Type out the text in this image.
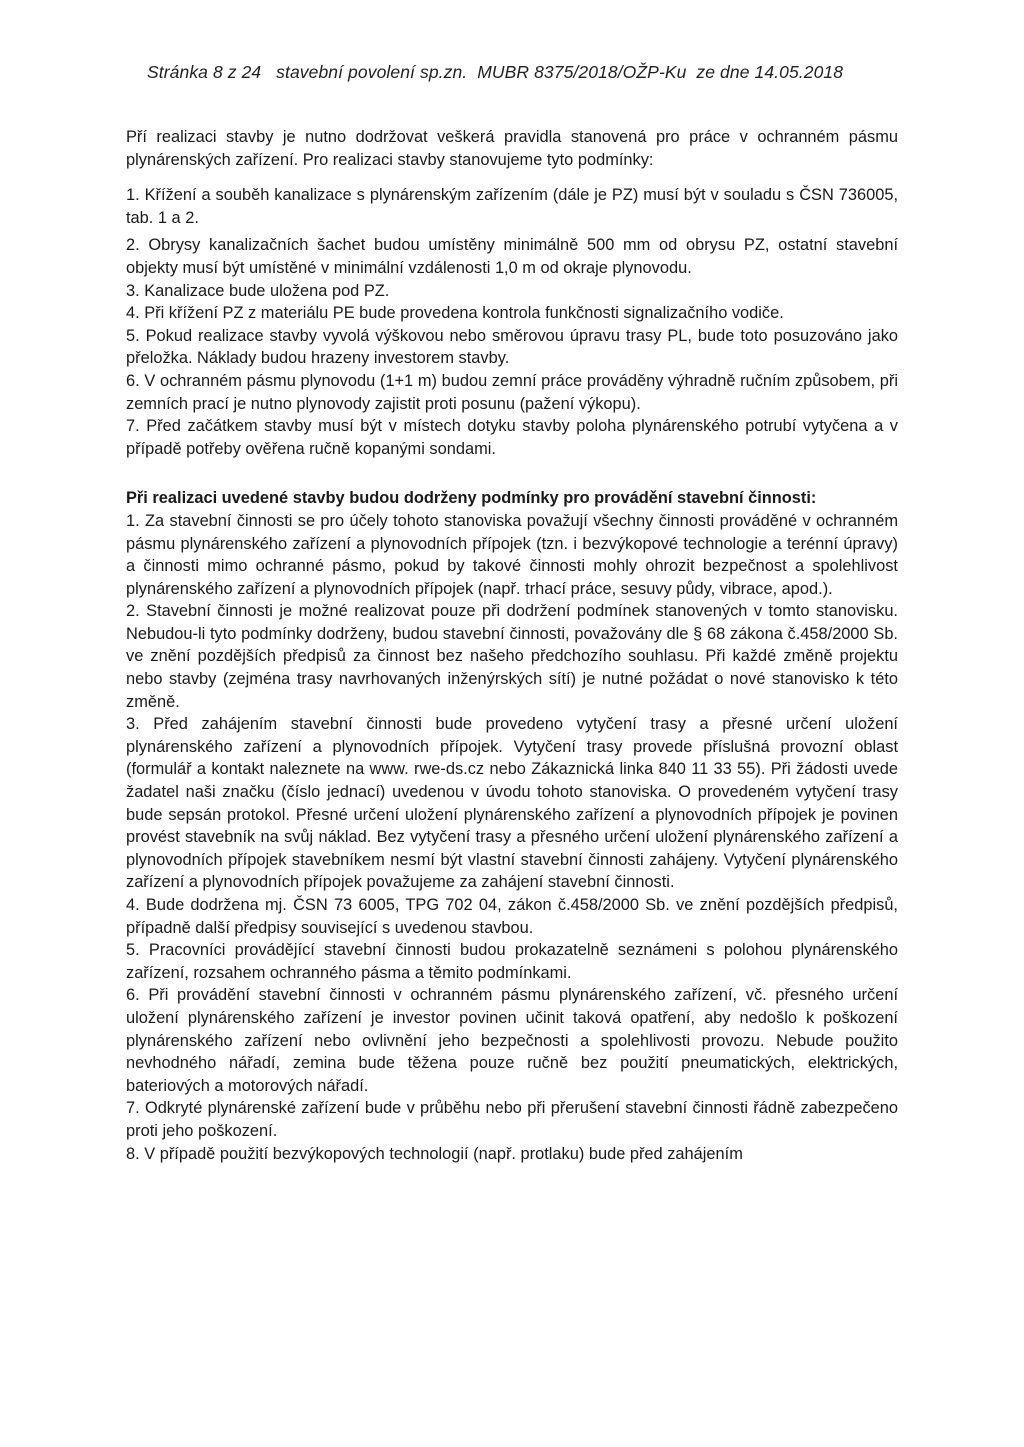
Stránka 8 z 24 stavební povolení sp.zn.  MUBR 8375/2018/OŽP-Ku  ze dne 14.05.2018

Pří realizaci stavby je nutno dodržovat veškerá pravidla stanovená pro práce v ochranném pásmu plynárenských zařízení. Pro realizaci stavby stanovujeme tyto podmínky:

1. Křížení a souběh kanalizace s plynárenským zařízením (dále je PZ) musí být v souladu s ČSN 736005, tab. 1 a 2.

2. Obrysy kanalizačních šachet budou umístěny minimálně 500 mm od obrysu PZ, ostatní stavební objekty musí být umístěné v minimální vzdálenosti 1,0 m od okraje plynovodu.

3. Kanalizace bude uložena pod PZ.

4. Při křížení PZ z materiálu PE bude provedena kontrola funkčnosti signalizačního vodiče.

5. Pokud realizace stavby vyvolá výškovou nebo směrovou úpravu trasy PL, bude toto posuzováno jako přeložka. Náklady budou hrazeny investorem stavby.

6. V ochranném pásmu plynovodu (1+1 m) budou zemní práce prováděny výhradně ručním způsobem, při zemních prací je nutno plynovody zajistit proti posunu (pažení výkopu).

7. Před začátkem stavby musí být v místech dotyku stavby poloha plynárenského potrubí vytyčena a v případě potřeby ověřena ručně kopanými sondami.

Při realizaci uvedené stavby budou dodrženy podmínky pro provádění stavební činnosti:

1. Za stavební činnosti se pro účely tohoto stanoviska považují všechny činnosti prováděné v ochranném pásmu plynárenského zařízení a plynovodních přípojek (tzn. i bezvýkopové technologie a terénní úpravy) a činnosti mimo ochranné pásmo, pokud by takové činnosti mohly ohrozit bezpečnost a spolehlivost plynárenského zařízení a plynovodních přípojek (např. trhací práce, sesuvy půdy, vibrace, apod.).

2. Stavební činnosti je možné realizovat pouze při dodržení podmínek stanovených v tomto stanovisku. Nebudou-li tyto podmínky dodrženy, budou stavební činnosti, považovány dle § 68 zákona č.458/2000 Sb. ve znění pozdějších předpisů za činnost bez našeho předchozího souhlasu. Při každé změně projektu nebo stavby (zejména trasy navrhovaných inženýrských sítí) je nutné požádat o nové stanovisko k této změně.

3. Před zahájením stavební činnosti bude provedeno vytyčení trasy a přesné určení uložení plynárenského zařízení a plynovodních přípojek. Vytyčení trasy provede příslušná provozní oblast (formulář a kontakt naleznete na www. rwe-ds.cz nebo Zákaznická linka 840 11 33 55). Při žádosti uvede žadatel naši značku (číslo jednací) uvedenou v úvodu tohoto stanoviska. O provedeném vytyčení trasy bude sepsán protokol. Přesné určení uložení plynárenského zařízení a plynovodních přípojek je povinen provést stavebník na svůj náklad. Bez vytyčení trasy a přesného určení uložení plynárenského zařízení a plynovodních přípojek stavebníkem nesmí být vlastní stavební činnosti zahájeny. Vytyčení plynárenského zařízení a plynovodních přípojek považujeme za zahájení stavební činnosti.

4. Bude dodržena mj. ČSN 73 6005, TPG 702 04, zákon č.458/2000 Sb. ve znění pozdějších předpisů, případně další předpisy související s uvedenou stavbou.

5. Pracovníci provádějící stavební činnosti budou prokazatelně seznámeni s polohou plynárenského zařízení, rozsahem ochranného pásma a těmito podmínkami.

6. Při provádění stavební činnosti v ochranném pásmu plynárenského zařízení, vč. přesného určení uložení plynárenského zařízení je investor povinen učinit taková opatření, aby nedošlo k poškození plynárenského zařízení nebo ovlivnění jeho bezpečnosti a spolehlivosti provozu. Nebude použito nevhodného nářadí, zemina bude těžena pouze ručně bez použití pneumatických, elektrických, bateriových a motorových nářadí.

7. Odkryté plynárenské zařízení bude v průběhu nebo při přerušení stavební činnosti řádně zabezpečeno proti jeho poškození.

8. V případě použití bezvýkopových technologií (např. protlaku) bude před zahájením
